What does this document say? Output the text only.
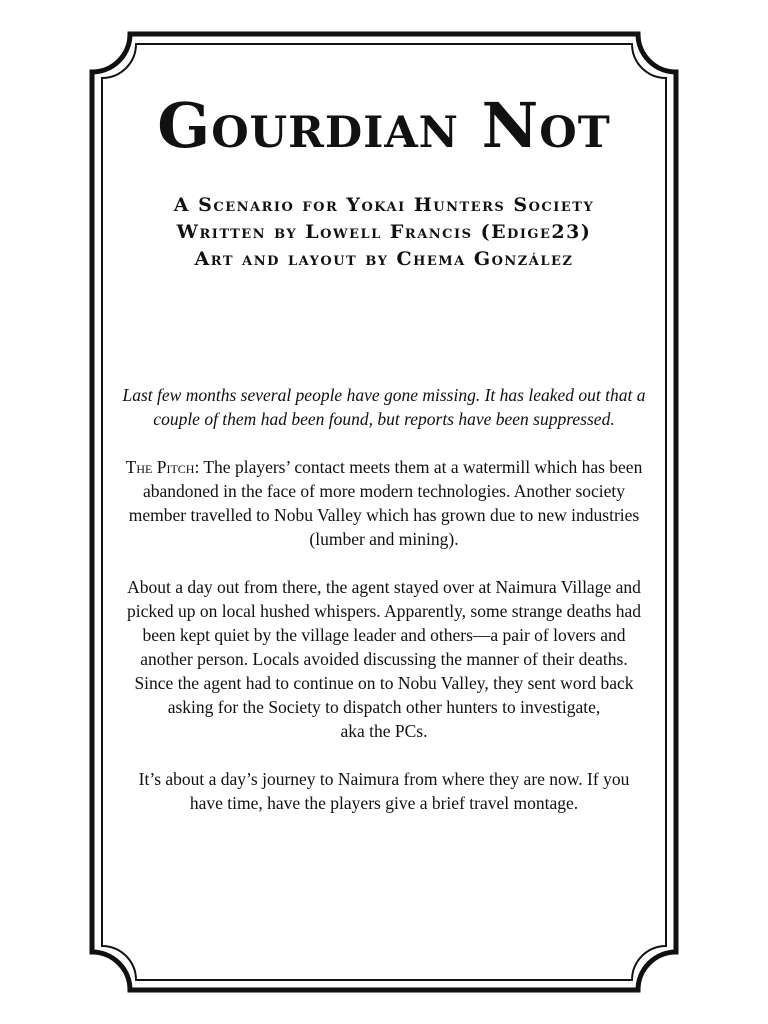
Gourdian Not
A Scenario for Yokai Hunters Society
Written by Lowell Francis (Edige23)
Art and layout by Chema González

Last few months several people have gone missing. It has leaked out that a couple of them had been found, but reports have been suppressed.

The Pitch: The players’ contact meets them at a watermill which has been abandoned in the face of more modern technologies. Another society member travelled to Nobu Valley which has grown due to new industries (lumber and mining).

About a day out from there, the agent stayed over at Naimura Village and picked up on local hushed whispers. Apparently, some strange deaths had been kept quiet by the village leader and others—a pair of lovers and another person. Locals avoided discussing the manner of their deaths. Since the agent had to continue on to Nobu Valley, they sent word back asking for the Society to dispatch other hunters to investigate,
aka the PCs.

It’s about a day’s journey to Naimura from where they are now. If you have time, have the players give a brief travel montage.
